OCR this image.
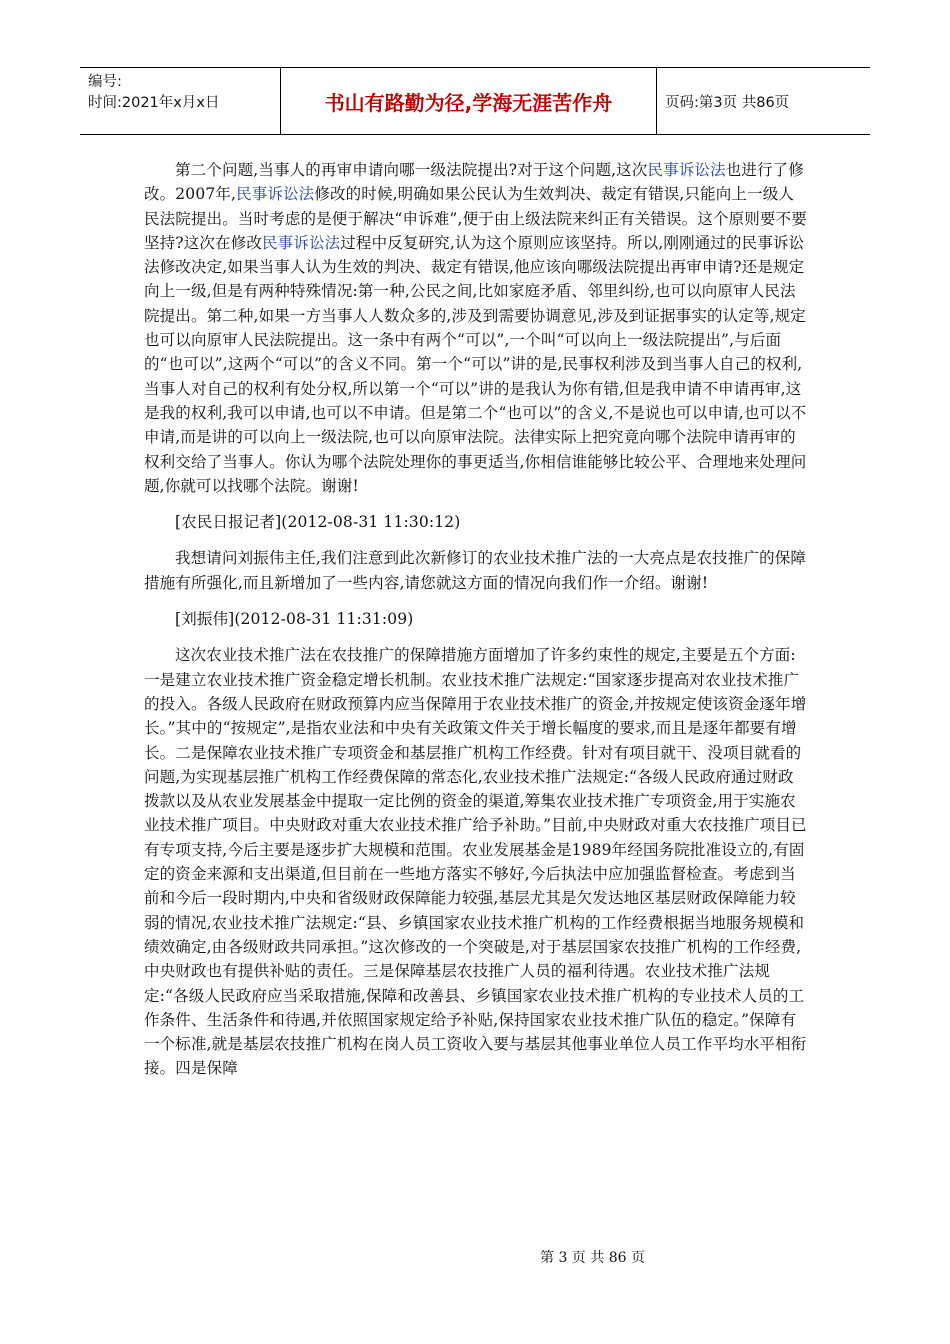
编号:
时间:2021年x月x日	书山有路勤为径,学海无涯苦作舟	页码:第3页 共86页

第二个问题,当事人的再审申请向哪一级法院提出?对于这个问题,这次民事诉讼法也进行了修改。2007年,民事诉讼法修改的时候,明确如果公民认为生效判决、裁定有错误,只能向上一级人民法院提出。当时考虑的是便于解决“申诉难”,便于由上级法院来纠正有关错误。这个原则要不要坚持?这次在修改民事诉讼法过程中反复研究,认为这个原则应该坚持。所以,刚刚通过的民事诉讼法修改决定,如果当事人认为生效的判决、裁定有错误,他应该向哪级法院提出再审申请?还是规定向上一级,但是有两种特殊情况:第一种,公民之间,比如家庭矛盾、邻里纠纷,也可以向原审人民法院提出。第二种,如果一方当事人人数众多的,涉及到需要协调意见,涉及到证据事实的认定等,规定也可以向原审人民法院提出。这一条中有两个“可以”,一个叫“可以向上一级法院提出”,与后面的“也可以”,这两个“可以”的含义不同。第一个“可以”讲的是,民事权利涉及到当事人自己的权利,当事人对自己的权利有处分权,所以第一个“可以”讲的是我认为你有错,但是我申请不申请再审,这是我的权利,我可以申请,也可以不申请。但是第二个“也可以”的含义,不是说也可以申请,也可以不申请,而是讲的可以向上一级法院,也可以向原审法院。法律实际上把究竟向哪个法院申请再审的权利交给了当事人。你认为哪个法院处理你的事更适当,你相信谁能够比较公平、合理地来处理问题,你就可以找哪个法院。谢谢!

[农民日报记者](2012-08-31 11:30:12)

我想请问刘振伟主任,我们注意到此次新修订的农业技术推广法的一大亮点是农技推广的保障措施有所强化,而且新增加了一些内容,请您就这方面的情况向我们作一介绍。谢谢!

[刘振伟](2012-08-31 11:31:09)

这次农业技术推广法在农技推广的保障措施方面增加了许多约束性的规定,主要是五个方面:一是建立农业技术推广资金稳定增长机制。农业技术推广法规定:“国家逐步提高对农业技术推广的投入。各级人民政府在财政预算内应当保障用于农业技术推广的资金,并按规定使该资金逐年增长。”其中的“按规定”,是指农业法和中央有关政策文件关于增长幅度的要求,而且是逐年都要有增长。二是保障农业技术推广专项资金和基层推广机构工作经费。针对有项目就干、没项目就看的问题,为实现基层推广机构工作经费保障的常态化,农业技术推广法规定:“各级人民政府通过财政拨款以及从农业发展基金中提取一定比例的资金的渠道,筹集农业技术推广专项资金,用于实施农业技术推广项目。中央财政对重大农业技术推广给予补助。”目前,中央财政对重大农技推广项目已有专项支持,今后主要是逐步扩大规模和范围。农业发展基金是1989年经国务院批准设立的,有固定的资金来源和支出渠道,但目前在一些地方落实不够好,今后执法中应加强监督检查。考虑到当前和今后一段时期内,中央和省级财政保障能力较强,基层尤其是欠发达地区基层财政保障能力较弱的情况,农业技术推广法规定:“县、乡镇国家农业技术推广机构的工作经费根据当地服务规模和绩效确定,由各级财政共同承担。”这次修改的一个突破是,对于基层国家农技推广机构的工作经费,中央财政也有提供补贴的责任。三是保障基层农技推广人员的福利待遇。农业技术推广法规定:“各级人民政府应当采取措施,保障和改善县、乡镇国家农业技术推广机构的专业技术人员的工作条件、生活条件和待遇,并依照国家规定给予补贴,保持国家农业技术推广队伍的稳定。”保障有一个标准,就是基层农技推广机构在岗人员工资收入要与基层其他事业单位人员工作平均水平相衔接。四是保障

第 3 页 共 86 页
